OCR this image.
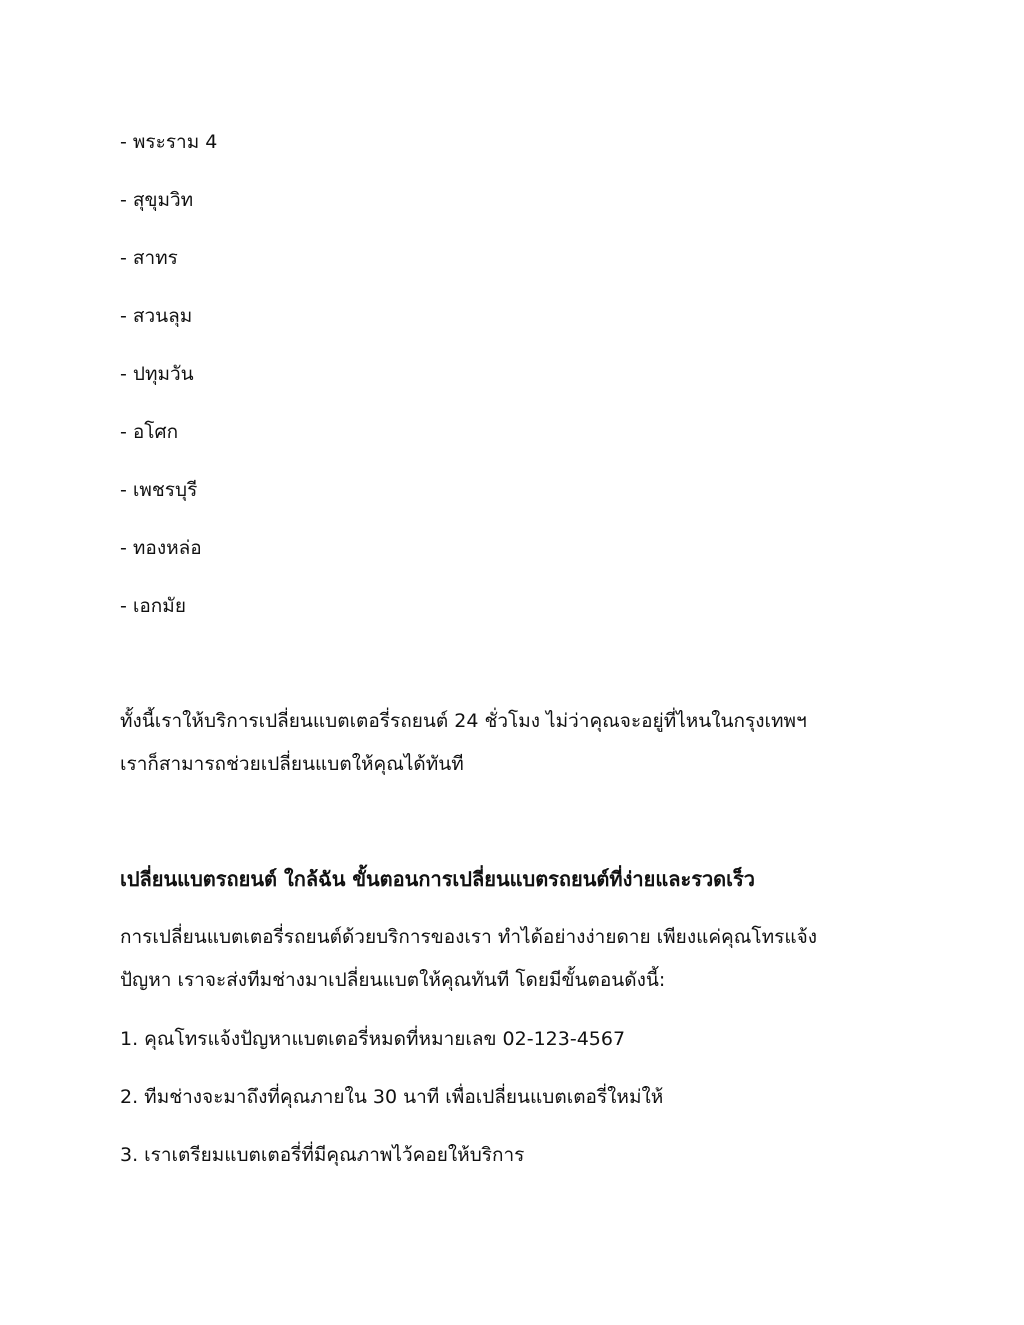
- พระราม 4

- สุขุมวิท

- สาทร

- สวนลุม

- ปทุมวัน

- อโศก

- เพชรบุรี

- ทองหล่อ

- เอกมัย

ทั้งนี้เราให้บริการเปลี่ยนแบตเตอรี่รถยนต์ 24 ชั่วโมง ไม่ว่าคุณจะอยู่ที่ไหนในกรุงเทพฯ

เราก็สามารถช่วยเปลี่ยนแบตให้คุณได้ทันที

เปลี่ยนแบตรถยนต์ ใกล้ฉัน ขั้นตอนการเปลี่ยนแบตรถยนต์ที่ง่ายและรวดเร็ว

การเปลี่ยนแบตเตอรี่รถยนต์ด้วยบริการของเรา ทำได้อย่างง่ายดาย เพียงแค่คุณโทรแจ้ง

ปัญหา เราจะส่งทีมช่างมาเปลี่ยนแบตให้คุณทันที โดยมีขั้นตอนดังนี้:

1. คุณโทรแจ้งปัญหาแบตเตอรี่หมดที่หมายเลข 02-123-4567

2. ทีมช่างจะมาถึงที่คุณภายใน 30 นาที เพื่อเปลี่ยนแบตเตอรี่ใหม่ให้

3. เราเตรียมแบตเตอรี่ที่มีคุณภาพไว้คอยให้บริการ
